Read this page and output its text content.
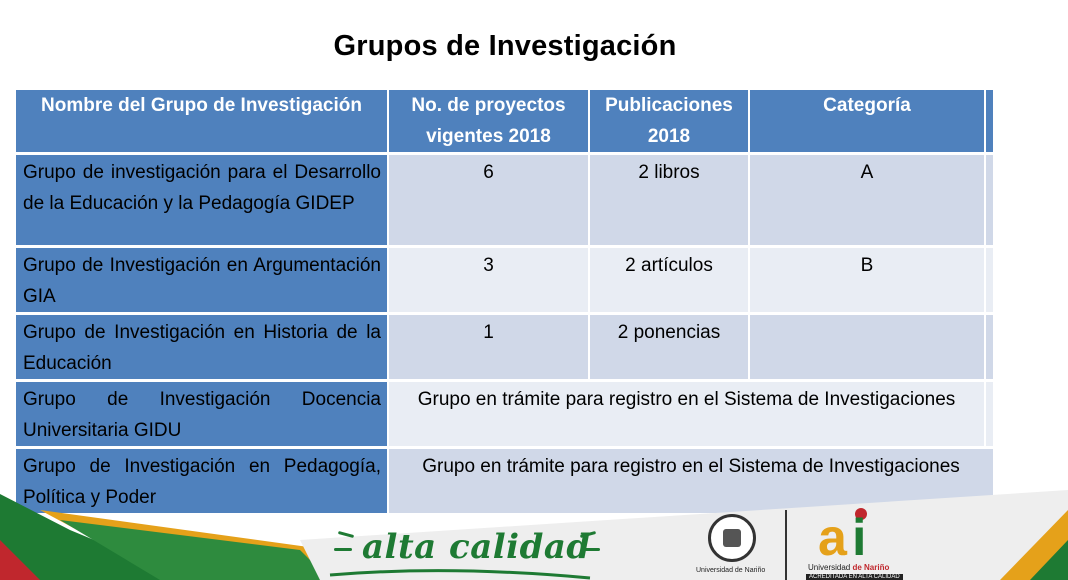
Grupos de Investigación
Nombre del Grupo de Investigación	No. de proyectos vigentes 2018	Publicaciones 2018	Categoría	
Grupo de investigación para el Desarrollo de la Educación y la Pedagogía GIDEP	6	2 libros	A	
Grupo de Investigación en Argumentación GIA	3	2 artículos	B	
Grupo de Investigación en Historia de la Educación	1	2 ponencias		
Grupo de Investigación Docencia Universitaria GIDU	Grupo en trámite para registro en el Sistema de Investigaciones			
Grupo de Investigación en Pedagogía, Política y Poder	Grupo en trámite para registro en el Sistema de Investigaciones			
alta calidad
Universidad de Nariño
a i
Universidad de Nariño
ACREDITADA EN ALTA CALIDAD
